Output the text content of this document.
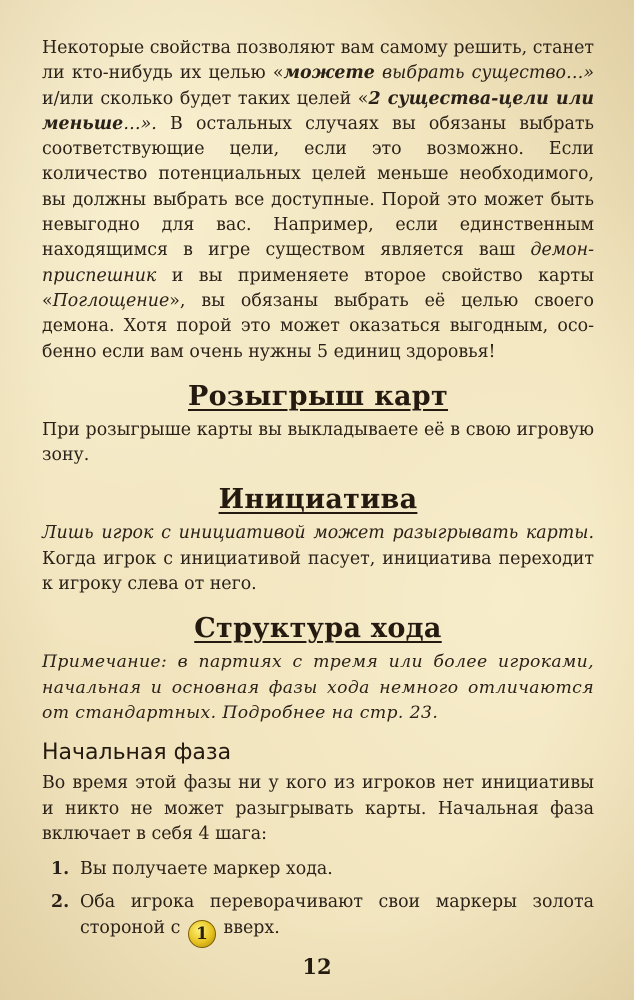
Некоторые свойства позволяют вам самому решить, станет ли кто-нибудь их целью «можете выбрать существо…» и/или сколько будет таких целей «2 существа-цели или меньше…». В остальных случаях вы обязаны выбрать соответствующие цели, если это возможно. Если количество потенциальных целей меньше необходимого, вы должны выбрать все доступные. Порой это может быть невыгодно для вас. Например, если единственным находящимся в игре существом является ваш демон-приспешник и вы применяете второе свойство карты «Поглощение», вы обязаны выбрать её целью своего демона. Хотя порой это может оказаться выгодным, особенно если вам очень нужны 5 единиц здоровья!

Розыгрыш карт

При розыгрыше карты вы выкладываете её в свою игровую зону.

Инициатива

Лишь игрок с инициативой может разыгрывать карты. Когда игрок с инициативой пасует, инициатива переходит к игроку слева от него.

Структура хода

Примечание: в партиях с тремя или более игроками, начальная и основная фазы хода немного отличаются от стандартных. Подробнее на стр. 23.

Начальная фаза

Во время этой фазы ни у кого из игроков нет инициативы и никто не может разыгрывать карты. Начальная фаза включает в себя 4 шага:

1. Вы получаете маркер хода.
2. Оба игрока переворачивают свои маркеры золота стороной с 1 вверх.
12
